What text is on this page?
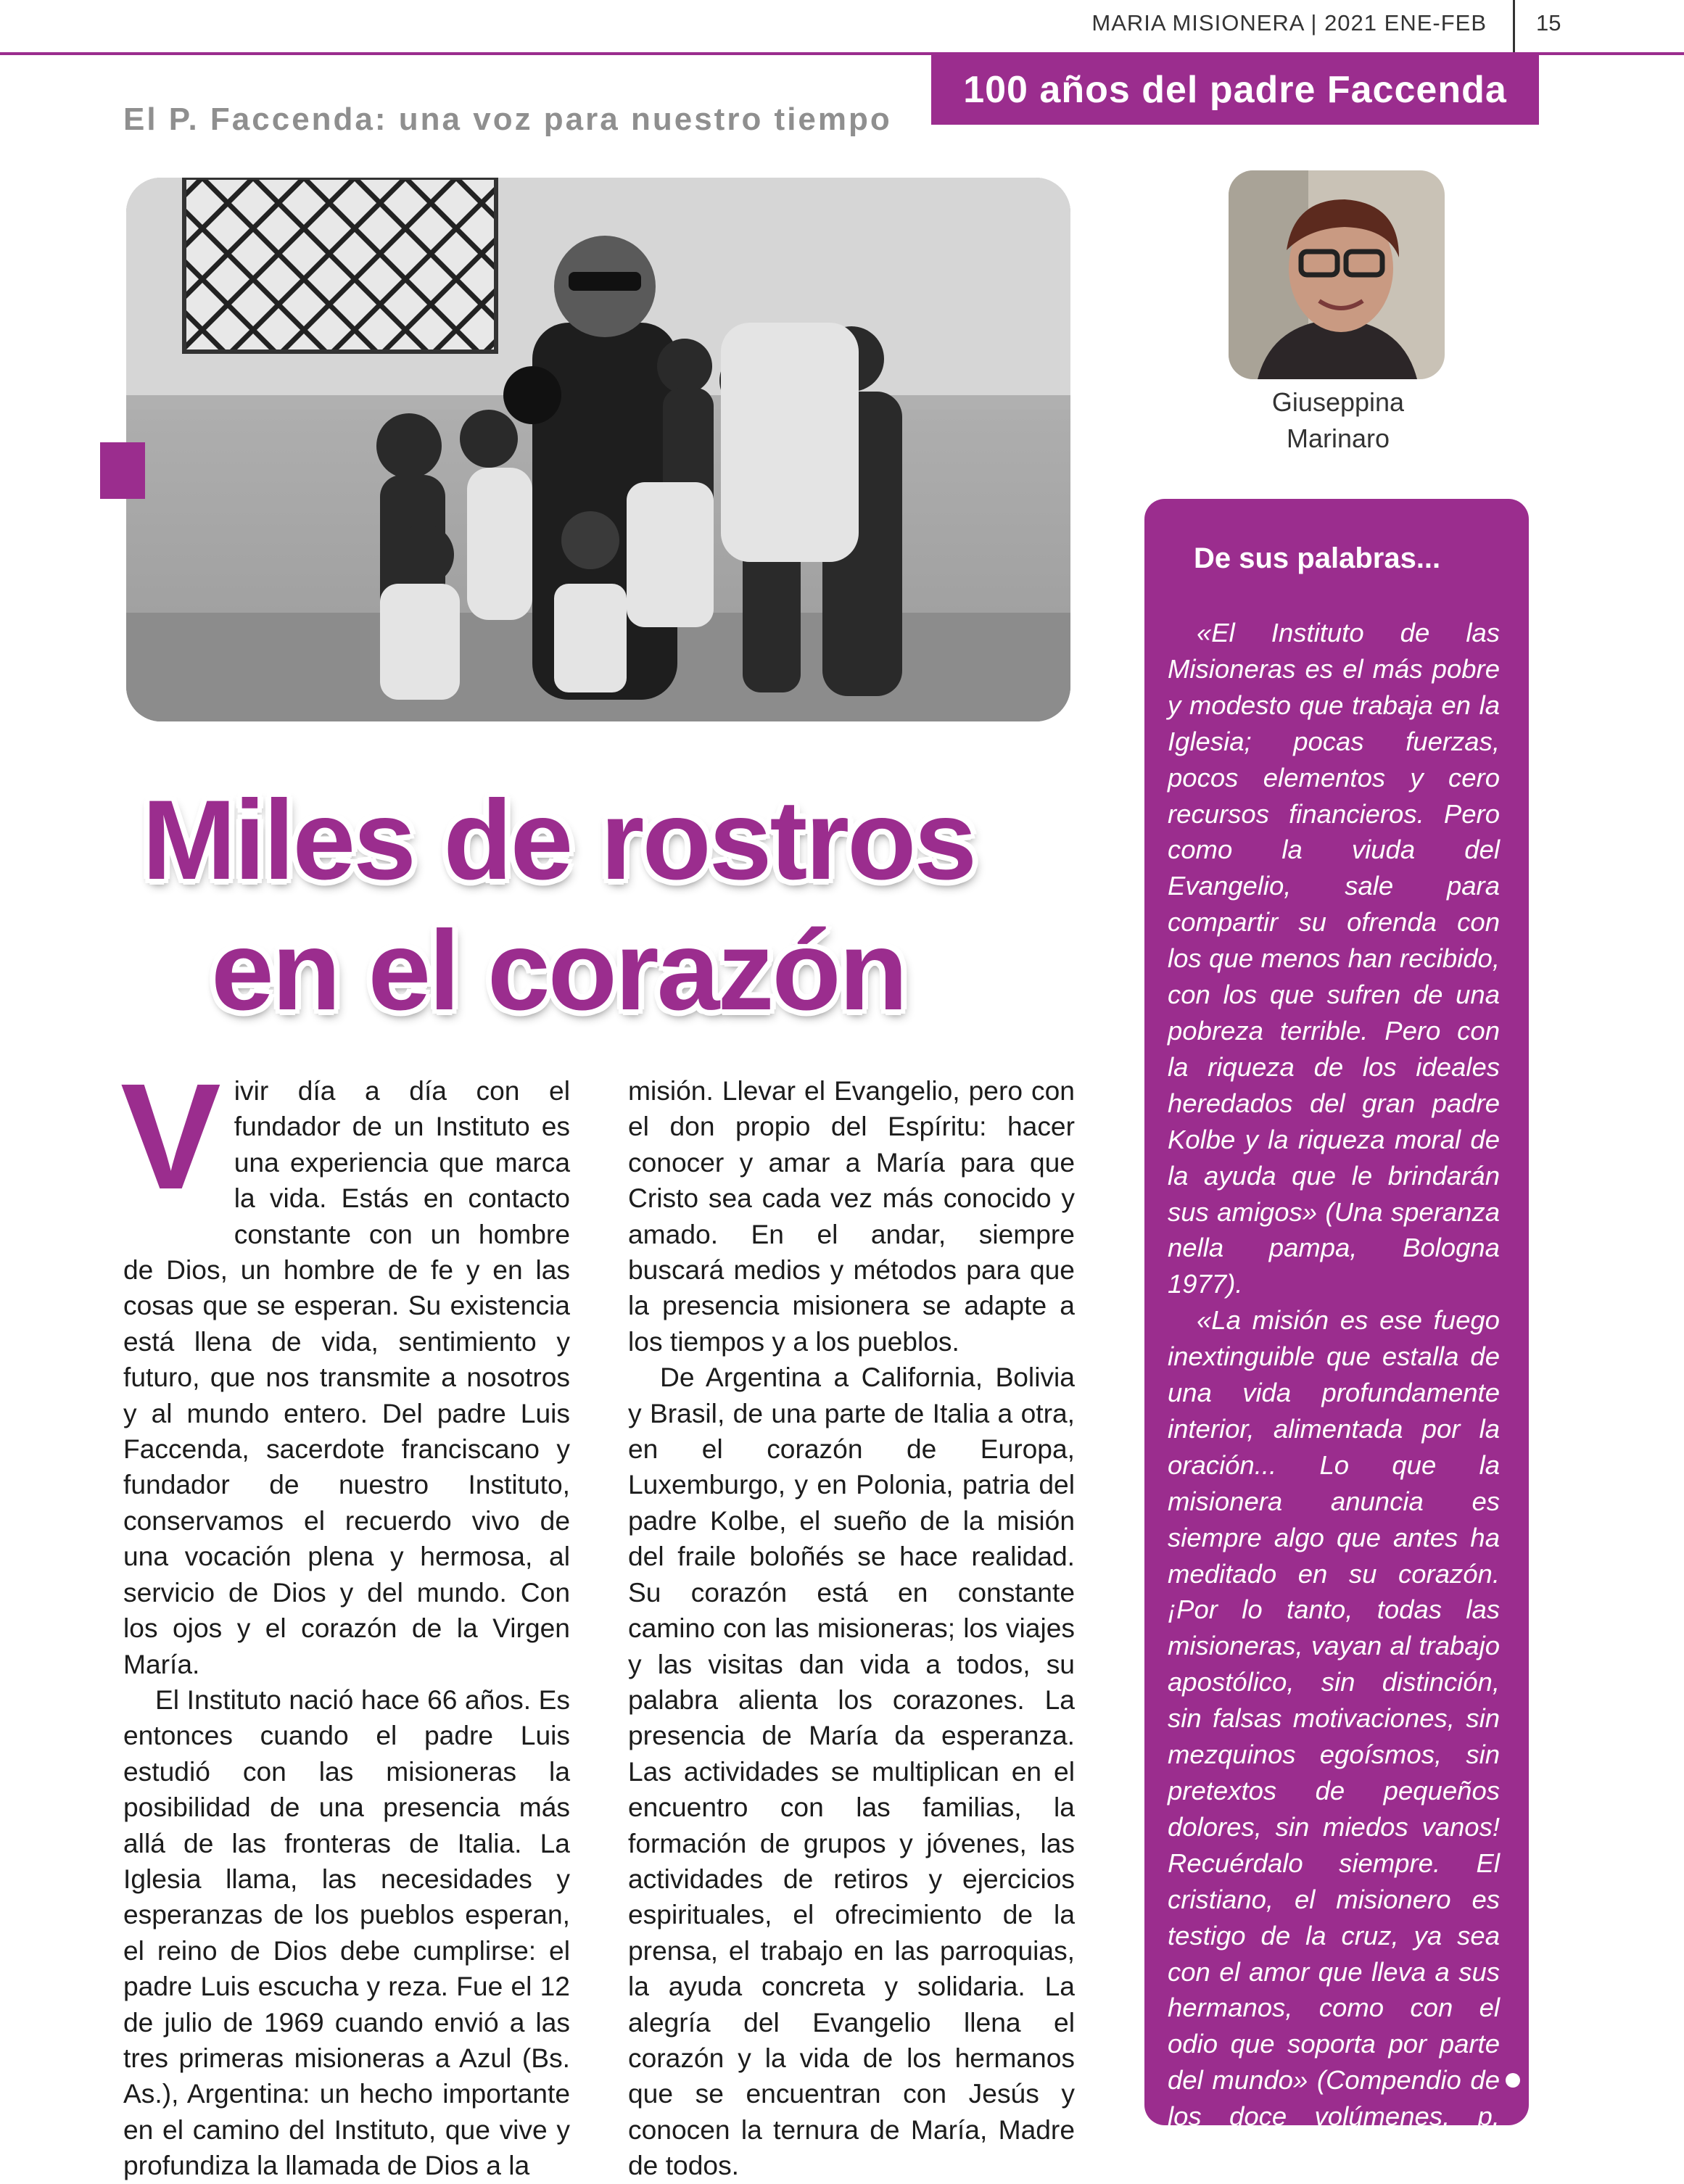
MARIA MISIONERA | 2021 ENE-FEB 15
100 años del padre Faccenda
El P. Faccenda: una voz para nuestro tiempo
Giuseppina
Marinaro
Miles de rostros
en el corazón

Vivir día a día con el fundador de un Instituto es una experiencia que marca la vida. Estás en contacto constante con un hombre de Dios, un hombre de fe y en las cosas que se esperan. Su existencia está llena de vida, sentimiento y futuro, que nos transmite a nosotros y al mundo entero. Del padre Luis Faccenda, sacerdote franciscano y fundador de nuestro Instituto, conservamos el recuerdo vivo de una vocación plena y hermosa, al servicio de Dios y del mundo. Con los ojos y el corazón de la Virgen María.

El Instituto nació hace 66 años. Es entonces cuando el padre Luis estudió con las misioneras la posibilidad de una presencia más allá de las fronteras de Italia. La Iglesia llama, las necesidades y esperanzas de los pueblos esperan, el reino de Dios debe cumplirse: el padre Luis escucha y reza. Fue el 12 de julio de 1969 cuando envió a las tres primeras misioneras a Azul (Bs. As.), Argentina: un hecho importante en el camino del Instituto, que vive y profundiza la llamada de Dios a la

misión. Llevar el Evangelio, pero con el don propio del Espíritu: hacer conocer y amar a María para que Cristo sea cada vez más conocido y amado. En el andar, siempre buscará medios y métodos para que la presencia misionera se adapte a los tiempos y a los pueblos.

De Argentina a California, Bolivia y Brasil, de una parte de Italia a otra, en el corazón de Europa, Luxemburgo, y en Polonia, patria del padre Kolbe, el sueño de la misión del fraile boloñés se hace realidad. Su corazón está en constante camino con las misioneras; los viajes y las visitas dan vida a todos, su palabra alienta los corazones. La presencia de María da esperanza. Las actividades se multiplican en el encuentro con las familias, la formación de grupos y jóvenes, las actividades de retiros y ejercicios espirituales, el ofrecimiento de la prensa, el trabajo en las parroquias, la ayuda concreta y solidaria. La alegría del Evangelio llena el corazón y la vida de los hermanos que se encuentran con Jesús y conocen la ternura de María, Madre de todos.

De sus palabras...

«El Instituto de las Misioneras es el más pobre y modesto que trabaja en la Iglesia; pocas fuerzas, pocos elementos y cero recursos financieros. Pero como la viuda del Evangelio, sale para compartir su ofrenda con los que menos han recibido, con los que sufren de una pobreza terrible. Pero con la riqueza de los ideales heredados del gran padre Kolbe y la riqueza moral de la ayuda que le brindarán sus amigos» (Una speranza nella pampa, Bologna 1977).

«La misión es ese fuego inextinguible que estalla de una vida profundamente interior, alimentada por la oración... Lo que la misionera anuncia es siempre algo que antes ha meditado en su corazón. ¡Por lo tanto, todas las misioneras, vayan al trabajo apostólico, sin distinción, sin falsas motivaciones, sin mezquinos egoísmos, sin pretextos de pequeños dolores, sin miedos vanos! Recuérdalo siempre. El cristiano, el misionero es testigo de la cruz, ya sea con el amor que lleva a sus hermanos, como con el odio que soporta por parte del mundo» (Compendio de los doce volúmenes, p. 107).
